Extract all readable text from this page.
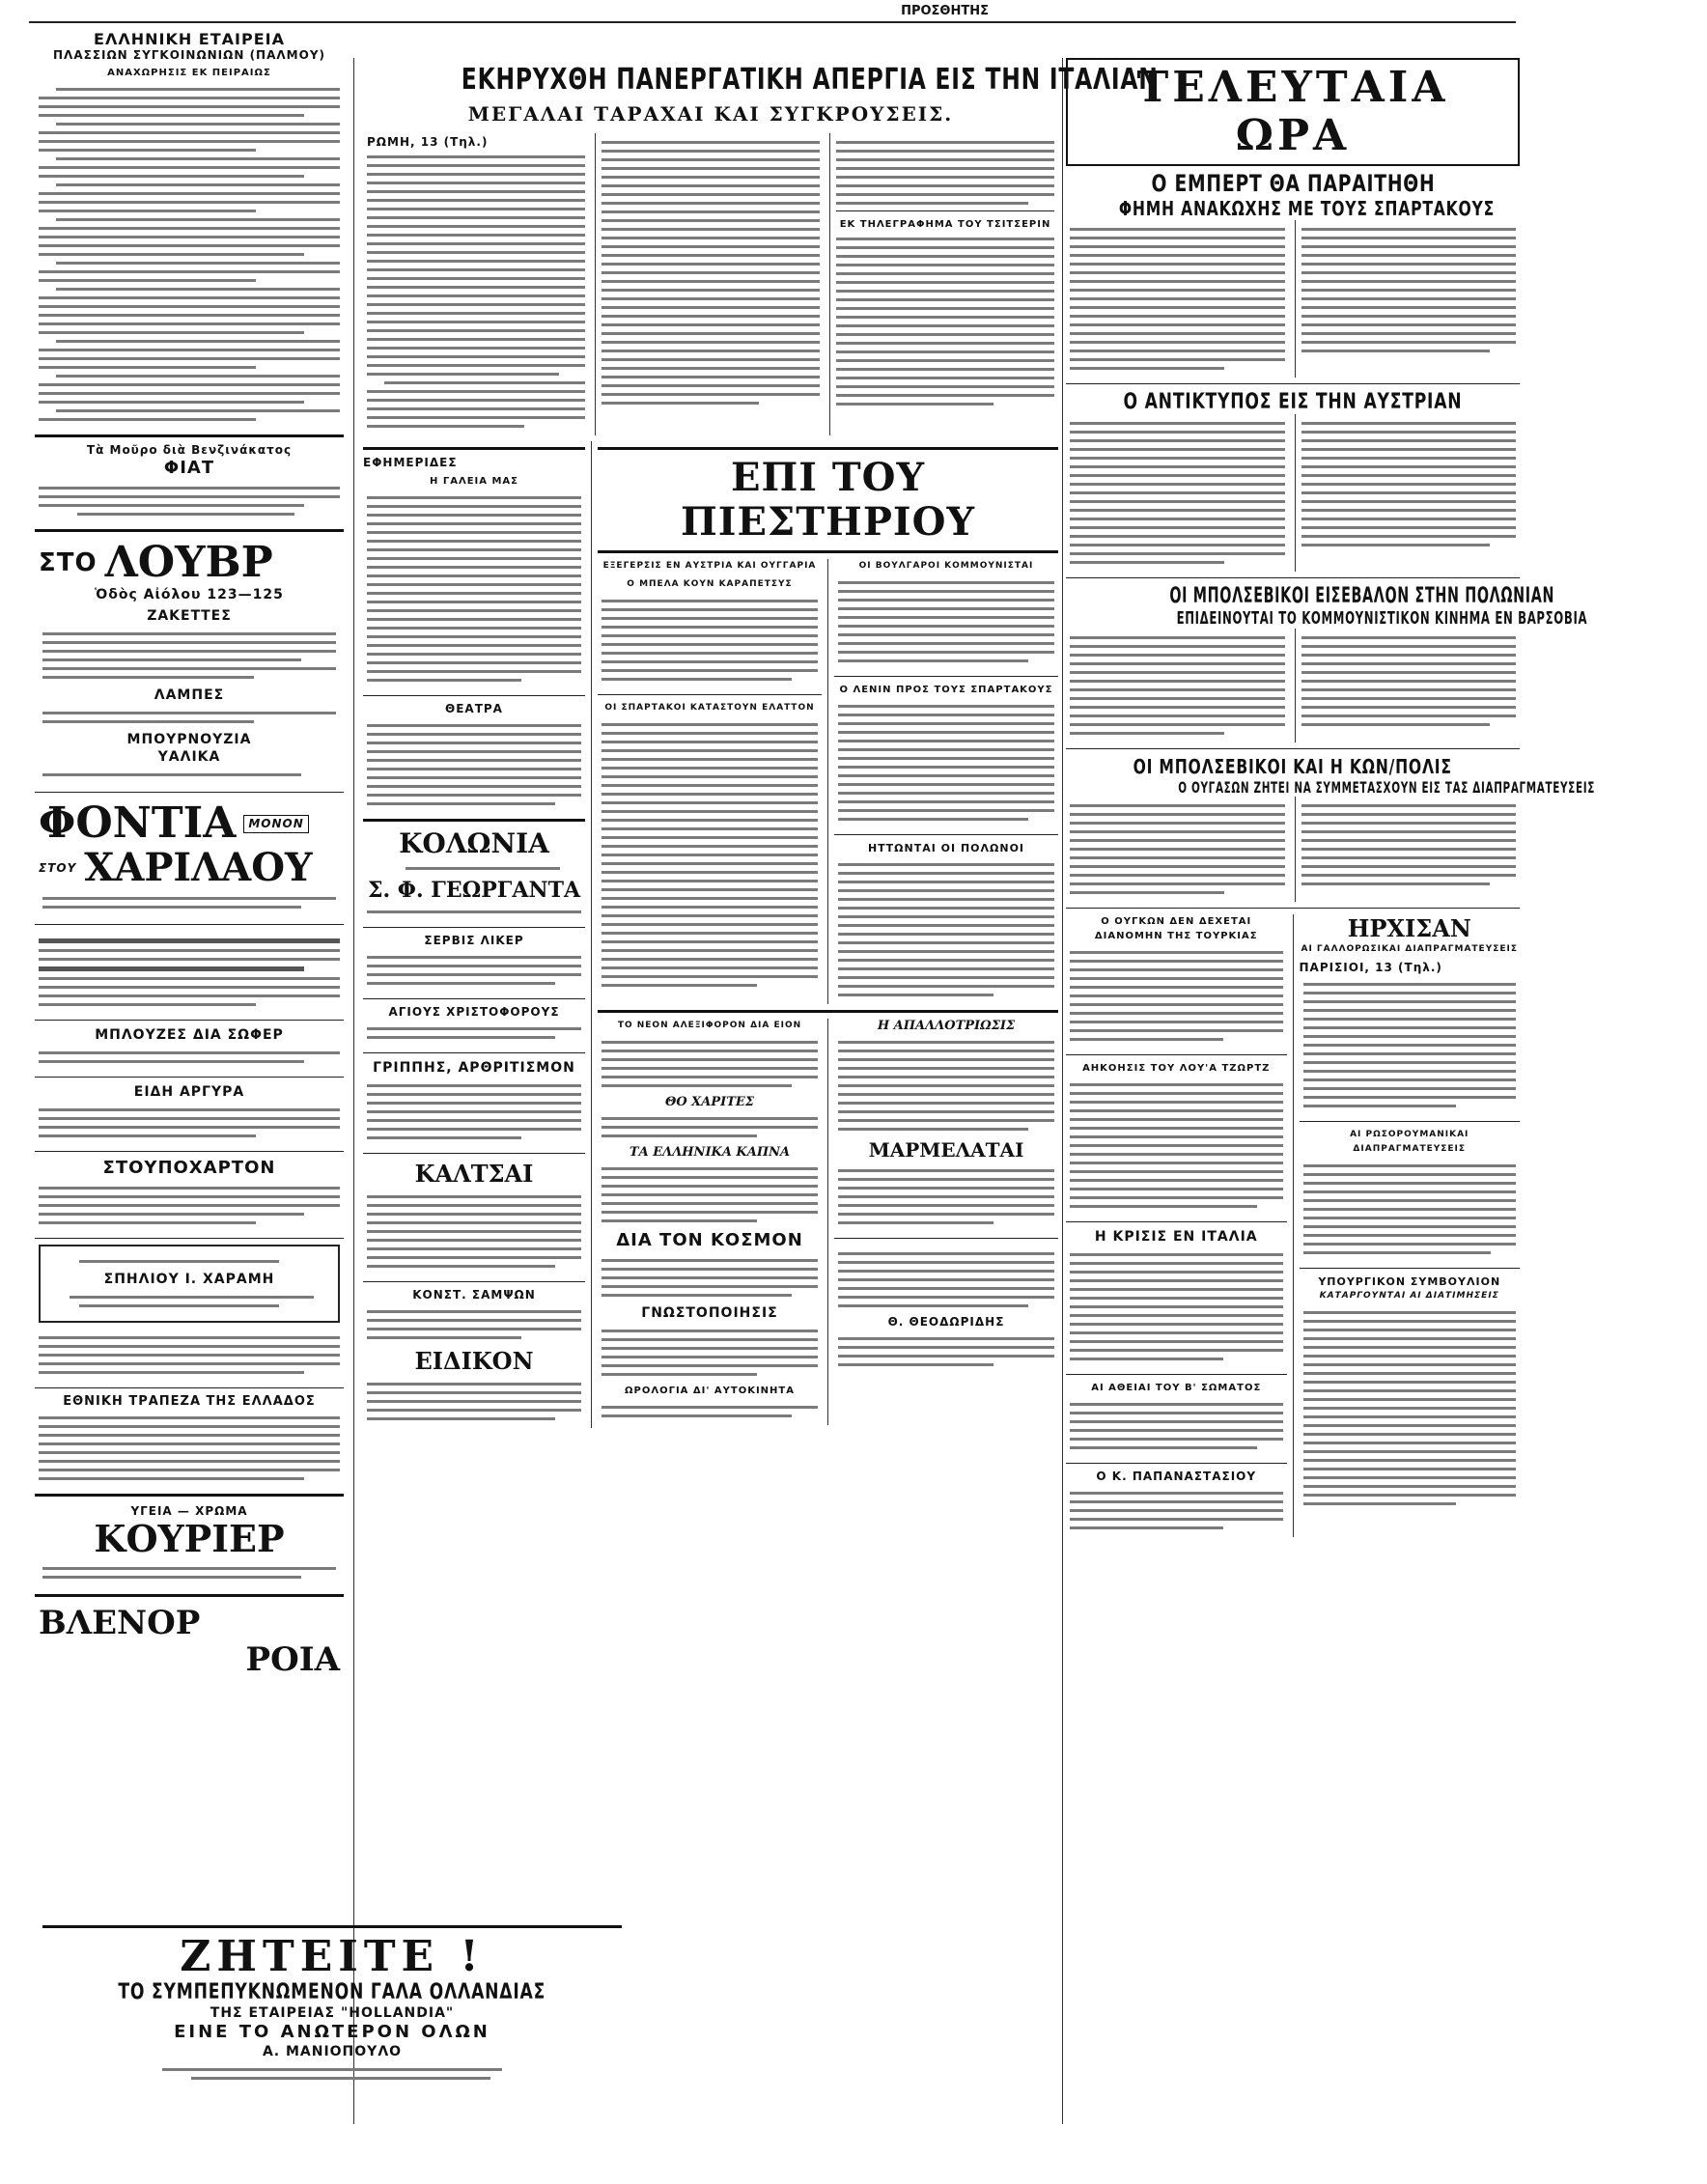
ΠΡΟΣΘΗΤΗΣ
ΕΛΛΗΝΙΚΗ ΕΤΑΙΡΕΙΑ
ΠΛΑΣΣΙΩΝ ΣΥΓΚΟΙΝΩΝΙΩΝ (ΠΑΛΜΟΥ)
ΑΝΑΧΩΡΗΣΙΣ ΕΚ ΠΕΙΡΑΙΩΣ
Τὰ Μοῦρο διὰ Βενζινάκατος
ΦΙΑΤ
ΣΤΟ ΛΟΥΒΡ
Ὁδὸς Αἰόλου 123—125
ΖΑΚΕΤΤΕΣ
ΛΑΜΠΕΣ
ΜΠΟΥΡΝΟΥΖΙΑ
ΥΑΛΙΚΑ
ΦΟΝΤΙΑ	ΜΟΝΟΝ
ΣΤΟΥ ΧΑΡΙΛΑΟΥ
ΜΠΛΟΥΖΕΣ ΔΙΑ ΣΩΦΕΡ
ΕΙΔΗ ΑΡΓΥΡΑ
ΣΤΟΥΠΟΧΑΡΤΟΝ
ΣΠΗΛΙΟΥ Ι. ΧΑΡΑΜΗ
ΕΘΝΙΚΗ ΤΡΑΠΕΖΑ ΤΗΣ ΕΛΛΑΔΟΣ
ΥΓΕΙΑ — ΧΡΩΜΑ
ΚΟΥΡΙΕΡ
ΒΛΕΝΟΡ
ΡΟΙΑ
ΕΚΗΡΥΧΘΗ ΠΑΝΕΡΓΑΤΙΚΗ ΑΠΕΡΓΙΑ ΕΙΣ ΤΗΝ ΙΤΑΛΙΑΝ
ΜΕΓΑΛΑΙ ΤΑΡΑΧΑΙ ΚΑΙ ΣΥΓΚΡΟΥΣΕΙΣ.
ΡΩΜΗ, 13 (Τηλ.)
ΕΚ ΤΗΛΕΓΡΑΦΗΜΑ ΤΟΥ ΤΣΙΤΣΕΡΙΝ
ΕΦΗΜΕΡΙΔΕΣ
Η ΓΑΛΕΙΑ ΜΑΣ
ΘΕΑΤΡΑ
ΚΟΛΩΝΙΑ
Σ. Φ. ΓΕΩΡΓΑΝΤΑ
ΣΕΡΒΙΣ ΛΙΚΕΡ
ΑΓΙΟΥΣ ΧΡΙΣΤΟΦΟΡΟΥΣ
ΓΡΙΠΠΗΣ, ΑΡΘΡΙΤΙΣΜΟΝ
ΚΑΛΤΣΑΙ
ΚΟΝΣΤ. ΣΑΜΨΩΝ
ΕΙΔΙΚΟΝ
ΕΠΙ ΤΟΥ ΠΙΕΣΤΗΡΙΟΥ
ΕΞΕΓΕΡΣΙΣ ΕΝ ΑΥΣΤΡΙΑ ΚΑΙ ΟΥΓΓΑΡΙΑ
Ο ΜΠΕΛΑ ΚΟΥΝ ΚΑΡΑΠΕΤΣΥΣ
ΟΙ ΣΠΑΡΤΑΚΟΙ ΚΑΤΑΣΤΟΥΝ ΕΛΑΤΤΟΝ
ΟΙ ΒΟΥΛΓΑΡΟΙ ΚΟΜΜΟΥΝΙΣΤΑΙ
Ο ΛΕΝΙΝ ΠΡΟΣ ΤΟΥΣ ΣΠΑΡΤΑΚΟΥΣ
ΗΤΤΩΝΤΑΙ ΟΙ ΠΟΛΩΝΟΙ
ΤΟ ΝΕΟΝ ΑΛΕΞΙΦΟΡΟΝ ΔΙΑ ΕΙΟΝ
ΘΟ ΧΑΡΙΤΕΣ
ΤΑ ΕΛΛΗΝΙΚΑ ΚΑΠΝΑ
ΔΙΑ ΤΟΝ ΚΟΣΜΟΝ
ΓΝΩΣΤΟΠΟΙΗΣΙΣ
ΩΡΟΛΟΓΙΑ ΔΙ' ΑΥΤΟΚΙΝΗΤΑ
Η ΑΠΑΛΛΟΤΡΙΩΣΙΣ
ΜΑΡΜΕΛΑΤΑΙ
Θ. ΘΕΟΔΩΡΙΔΗΣ
ΖΗΤΕΙΤΕ !
ΤΟ ΣΥΜΠΕΠΥΚΝΩΜΕΝΟΝ ΓΑΛΑ ΟΛΛΑΝΔΙΑΣ
ΤΗΣ ΕΤΑΙΡΕΙΑΣ "HOLLANDIA"
ΕΙΝΕ ΤΟ ΑΝΩΤΕΡΟΝ ΟΛΩΝ
Α. ΜΑΝΙΟΠΟΥΛΟ
ΤΕΛΕΥΤΑΙΑ ΩΡΑ
Ο ΕΜΠΕΡΤ ΘΑ ΠΑΡΑΙΤΗΘΗ
ΦΗΜΗ ΑΝΑΚΩΧΗΣ ΜΕ ΤΟΥΣ ΣΠΑΡΤΑΚΟΥΣ
Ο ΑΝΤΙΚΤΥΠΟΣ ΕΙΣ ΤΗΝ ΑΥΣΤΡΙΑΝ
ΟΙ ΜΠΟΛΣΕΒΙΚΟΙ ΕΙΣΕΒΑΛΟΝ ΣΤΗΝ ΠΟΛΩΝΙΑΝ
ΕΠΙΔΕΙΝΟΥΤΑΙ ΤΟ ΚΟΜΜΟΥΝΙΣΤΙΚΟΝ ΚΙΝΗΜΑ ΕΝ ΒΑΡΣΟΒΙΑ
ΟΙ ΜΠΟΛΣΕΒΙΚΟΙ ΚΑΙ Η ΚΩΝ/ΠΟΛΙΣ
Ο ΟΥΓΑΣΩΝ ΖΗΤΕΙ ΝΑ ΣΥΜΜΕΤΑΣΧΟΥΝ ΕΙΣ ΤΑΣ ΔΙΑΠΡΑΓΜΑΤΕΥΣΕΙΣ
Ο ΟΥΓΚΩΝ ΔΕΝ ΔΕΧΕΤΑΙ
ΔΙΑΝΟΜΗΝ ΤΗΣ ΤΟΥΡΚΙΑΣ
ΑΗΚΟΗΣΙΣ ΤΟΥ ΛΟΥ'Α ΤΖΩΡΤΖ
Η ΚΡΙΣΙΣ ΕΝ ΙΤΑΛΙΑ
ΑΙ ΑΘΕΙΑΙ ΤΟΥ Β' ΣΩΜΑΤΟΣ
Ο Κ. ΠΑΠΑΝΑΣΤΑΣΙΟΥ
ΗΡΧΙΣΑΝ
ΑΙ ΓΑΛΛΟΡΩΣΙΚΑΙ ΔΙΑΠΡΑΓΜΑΤΕΥΣΕΙΣ
ΠΑΡΙΣΙΟΙ, 13 (Τηλ.)
ΑΙ ΡΩΣΟΡΟΥΜΑΝΙΚΑΙ ΔΙΑΠΡΑΓΜΑΤΕΥΣΕΙΣ
ΥΠΟΥΡΓΙΚΟΝ ΣΥΜΒΟΥΛΙΟΝ
ΚΑΤΑΡΓΟΥΝΤΑΙ ΑΙ ΔΙΑΤΙΜΗΣΕΙΣ
